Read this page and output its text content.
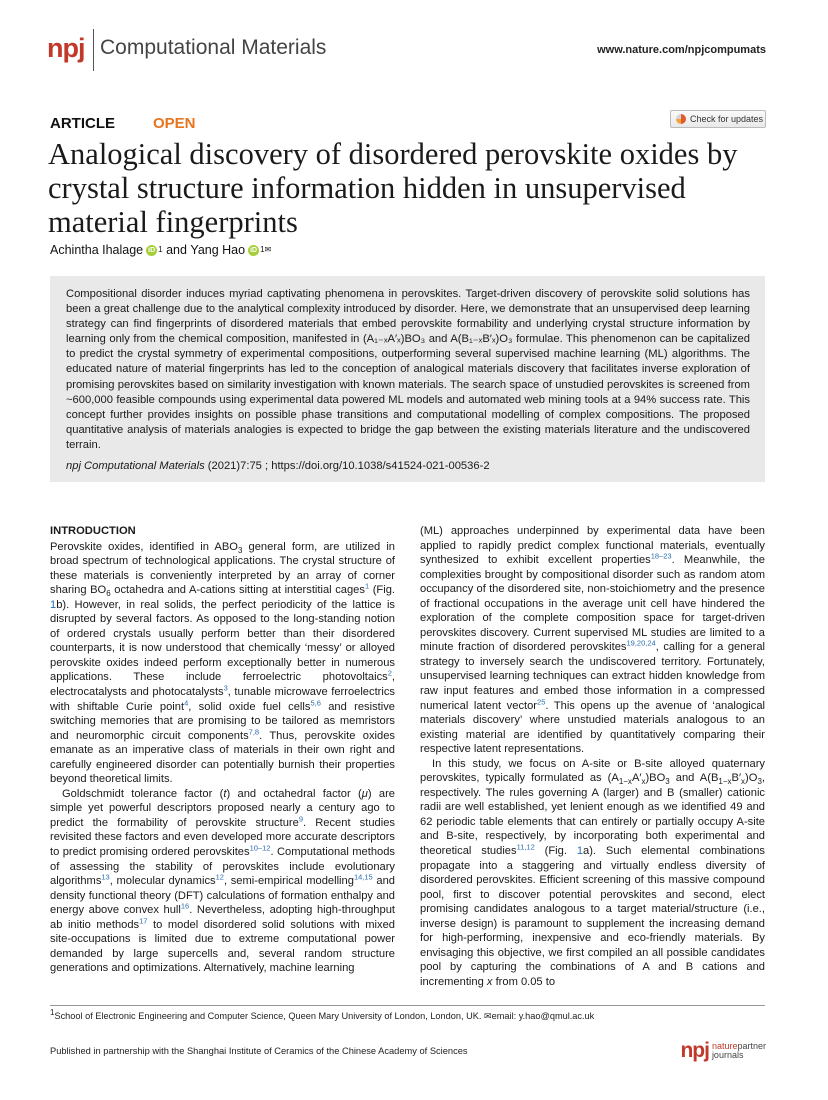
npj Computational Materials	www.nature.com/npjcompumats
ARTICLE	OPEN	Check for updates
Analogical discovery of disordered perovskite oxides by crystal structure information hidden in unsupervised material fingerprints
Achintha Ihalage iD 1 and Yang Hao iD 1✉
Compositional disorder induces myriad captivating phenomena in perovskites. Target-driven discovery of perovskite solid solutions has been a great challenge due to the analytical complexity introduced by disorder. Here, we demonstrate that an unsupervised deep learning strategy can find fingerprints of disordered materials that embed perovskite formability and underlying crystal structure information by learning only from the chemical composition, manifested in (A₁₋ₓA′ₓ)BO₃ and A(B₁₋ₓB′ₓ)O₃ formulae. This phenomenon can be capitalized to predict the crystal symmetry of experimental compositions, outperforming several supervised machine learning (ML) algorithms. The educated nature of material fingerprints has led to the conception of analogical materials discovery that facilitates inverse exploration of promising perovskites based on similarity investigation with known materials. The search space of unstudied perovskites is screened from ~600,000 feasible compounds using experimental data powered ML models and automated web mining tools at a 94% success rate. This concept further provides insights on possible phase transitions and computational modelling of complex compositions. The proposed quantitative analysis of materials analogies is expected to bridge the gap between the existing materials literature and the undiscovered terrain.
npj Computational Materials (2021)7:75 ; https://doi.org/10.1038/s41524-021-00536-2
INTRODUCTION

Perovskite oxides, identified in $ABO_3$ general form, are utilized in broad spectrum of technological applications. The crystal structure of these materials is conveniently interpreted by an array of corner sharing $BO_6$ octahedra and A-cations sitting at interstitial cages$^1$ (Fig. 1b). However, in real solids, the perfect periodicity of the lattice is disrupted by several factors. As opposed to the long-standing notion of ordered crystals usually perform better than their disordered counterparts, it is now understood that chemically ‘messy’ or alloyed perovskite oxides indeed perform exceptionally better in numerous applications. These include ferroelectric photovoltaics$^2$, electrocatalysts and photocatalysts$^3$, tunable microwave ferroelectrics with shiftable Curie point$^4$, solid oxide fuel cells$^{5,6}$ and resistive switching memories that are promising to be tailored as memristors and neuromorphic circuit components$^{7,8}$. Thus, perovskite oxides emanate as an imperative class of materials in their own right and carefully engineered disorder can potentially burnish their properties beyond theoretical limits.

Goldschmidt tolerance factor (t) and octahedral factor (μ) are simple yet powerful descriptors proposed nearly a century ago to predict the formability of perovskite structure$^9$. Recent studies revisited these factors and even developed more accurate descriptors to predict promising ordered perovskites$^{10-12}$. Computational methods of assessing the stability of perovskites include evolutionary algorithms$^{13}$, molecular dynamics$^{12}$, semi-empirical modelling$^{14,15}$ and density functional theory (DFT) calculations of formation enthalpy and energy above convex hull$^{16}$. Nevertheless, adopting high-throughput ab initio methods$^{17}$ to model disordered solid solutions with mixed site-occupations is limited due to extreme computational power demanded by large supercells and, several random structure generations and optimizations. Alternatively, machine learning

(ML) approaches underpinned by experimental data have been applied to rapidly predict complex functional materials, eventually synthesized to exhibit excellent properties$^{18-23}$. Meanwhile, the complexities brought by compositional disorder such as random atom occupancy of the disordered site, non-stoichiometry and the presence of fractional occupations in the average unit cell have hindered the exploration of the complete composition space for target-driven perovskites discovery. Current supervised ML studies are limited to a minute fraction of disordered perovskites$^{19,20,24}$, calling for a general strategy to inversely search the undiscovered territory. Fortunately, unsupervised learning techniques can extract hidden knowledge from raw input features and embed those information in a compressed numerical latent vector$^{25}$. This opens up the avenue of ‘analogical materials discovery’ where unstudied materials analogous to an existing material are identified by quantitatively comparing their respective latent representations.

In this study, we focus on A-site or B-site alloyed quaternary perovskites, typically formulated as $(A_{1-x}A'_x)BO_3$ and $A(B_{1-x}B'_x)O_3$, respectively. The rules governing A (larger) and B (smaller) cationic radii are well established, yet lenient enough as we identified 49 and 62 periodic table elements that can entirely or partially occupy A-site and B-site, respectively, by incorporating both experimental and theoretical studies$^{11,12}$ (Fig. 1a). Such elemental combinations propagate into a staggering and virtually endless diversity of disordered perovskites. Efficient screening of this massive compound pool, first to discover potential perovskites and second, elect promising candidates analogous to a target material/structure (i.e., inverse design) is paramount to supplement the increasing demand for high-performing, inexpensive and eco-friendly materials. By envisaging this objective, we first compiled an all possible candidates pool by capturing the combinations of A and B cations and incrementing x from 0.05 to

1School of Electronic Engineering and Computer Science, Queen Mary University of London, London, UK. ✉email: y.hao@qmul.ac.uk
Published in partnership with the Shanghai Institute of Ceramics of the Chinese Academy of Sciences	npj naturepartner
journals
